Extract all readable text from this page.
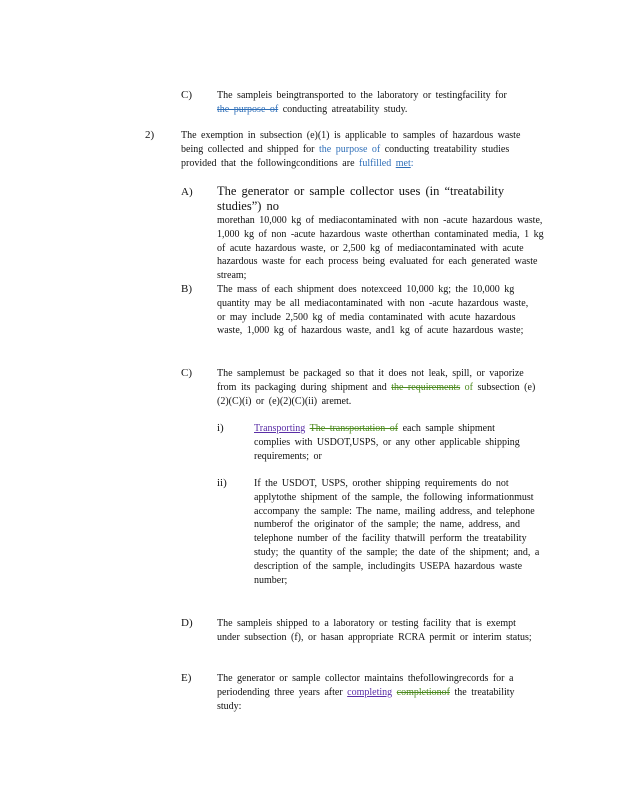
C)	The sampleis beingtransported to the laboratory or testingfacility for the purpose of conducting atreatability study.
2)	The exemption in subsection (e)(1) is applicable to samples of hazardous waste being collected and shipped for the purpose of conducting treatability studies provided that the followingconditions are fulfilled met:
A) The generator or sample collector uses (in “treatability studies”) no
morethan 10,000 kg of mediacontaminated with non -acute hazardous waste, 1,000 kg of non -acute hazardous waste otherthan contaminated media, 1 kg of acute hazardous waste, or 2,500 kg of mediacontaminated with acute hazardous waste for each process being evaluated for each generated waste stream;
B)	The mass of each shipment does notexceed 10,000 kg; the 10,000 kg quantity may be all mediacontaminated with non -acute hazardous waste, or may include 2,500 kg of media contaminated with acute hazardous waste, 1,000 kg of hazardous waste, and1 kg of acute hazardous waste;
C)	The samplemust be packaged so that it does not leak, spill, or vaporize from its packaging during shipment and the requirements of subsection (e)(2)(C)(i) or (e)(2)(C)(ii) aremet.
i)	Transporting The transportation of each sample shipment complies with USDOT,USPS, or any other applicable shipping requirements; or
ii)	If the USDOT, USPS, orother shipping requirements do not applytothe shipment of the sample, the following informationmust accompany the sample: The name, mailing address, and telephone numberof the originator of the sample; the name, address, and telephone number of the facility thatwill perform the treatability study; the quantity of the sample; the date of the shipment; and, a description of the sample, includingits USEPA hazardous waste number;
D) The sampleis shipped to a laboratory or testing facility that is exempt under subsection (f), or hasan appropriate RCRA permit or interim status;
E)	The generator or sample collector maintains thefollowingrecords for a periodending three years after completing completionof the treatability study:
